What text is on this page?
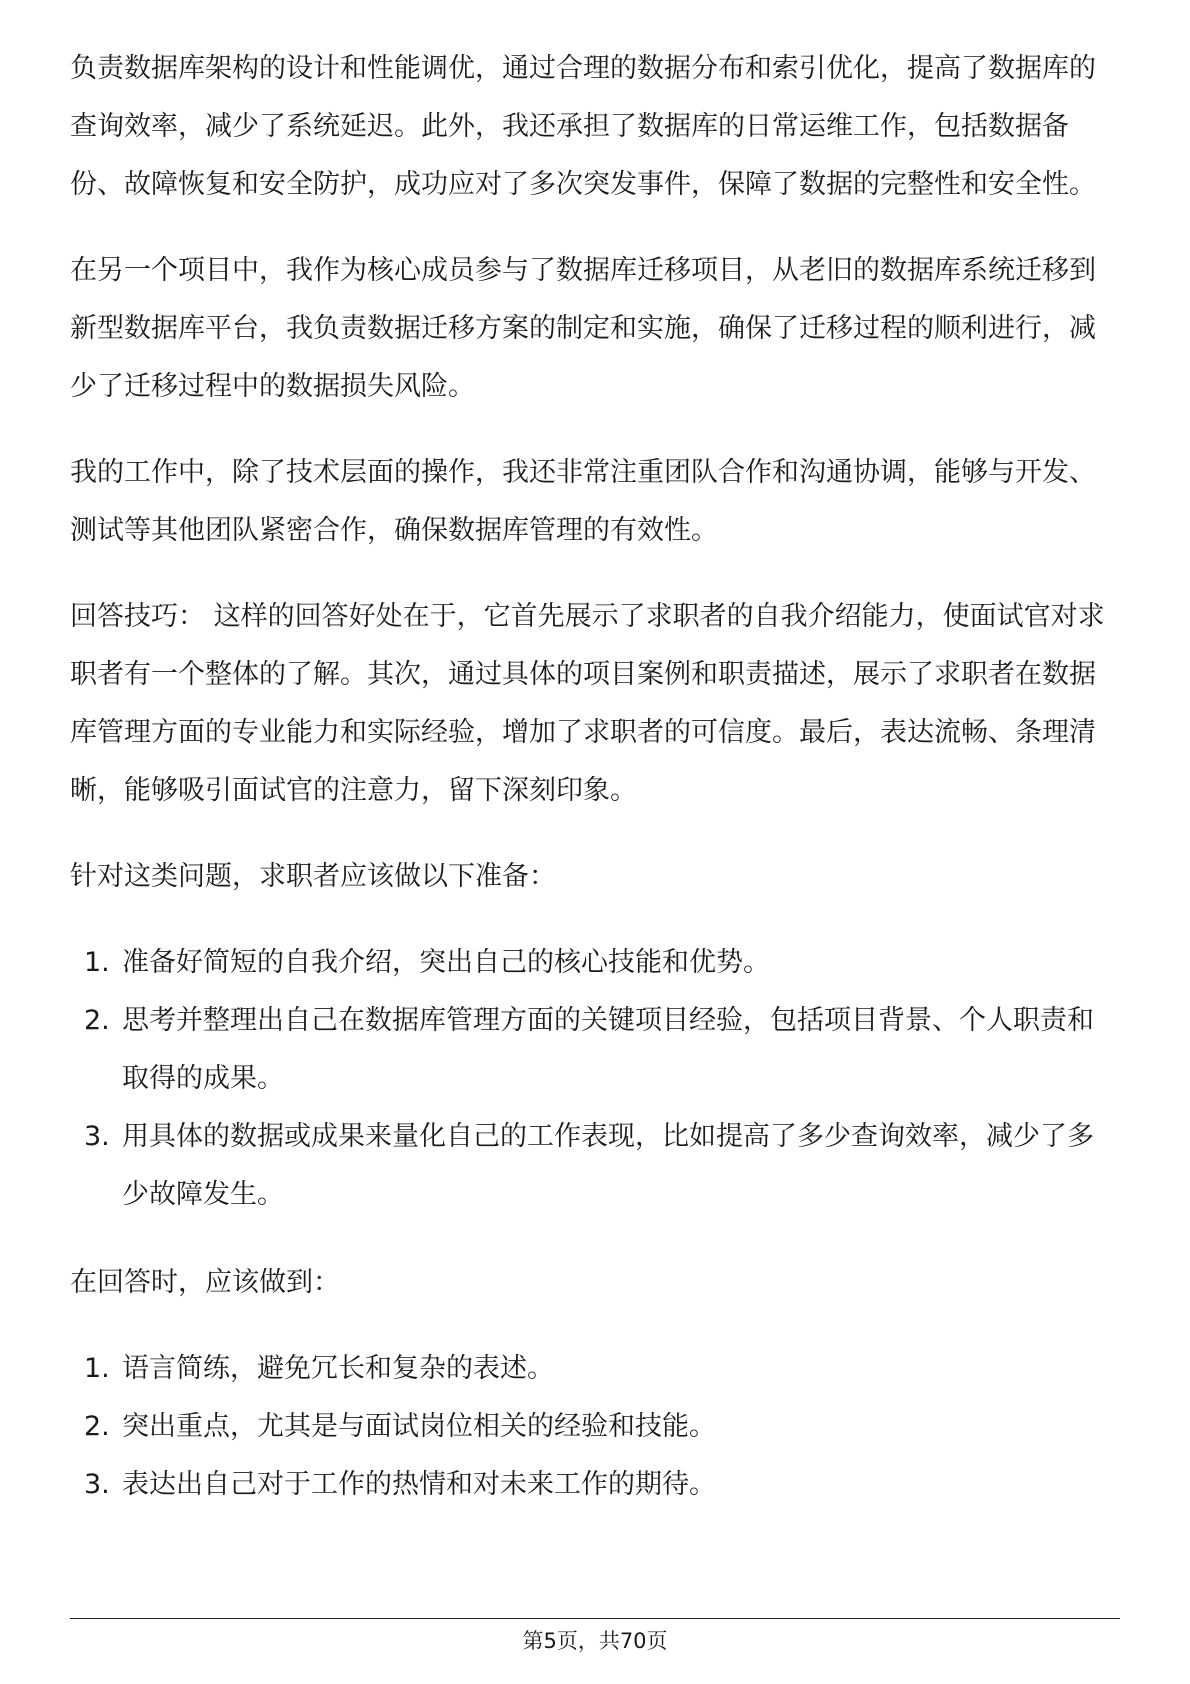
负责数据库架构的设计和性能调优，通过合理的数据分布和索引优化，提高了数据库的查询效率，减少了系统延迟。此外，我还承担了数据库的日常运维工作，包括数据备份、故障恢复和安全防护，成功应对了多次突发事件，保障了数据的完整性和安全性。

在另一个项目中，我作为核心成员参与了数据库迁移项目，从老旧的数据库系统迁移到新型数据库平台，我负责数据迁移方案的制定和实施，确保了迁移过程的顺利进行，减少了迁移过程中的数据损失风险。

我的工作中，除了技术层面的操作，我还非常注重团队合作和沟通协调，能够与开发、测试等其他团队紧密合作，确保数据库管理的有效性。

回答技巧： 这样的回答好处在于，它首先展示了求职者的自我介绍能力，使面试官对求职者有一个整体的了解。其次，通过具体的项目案例和职责描述，展示了求职者在数据库管理方面的专业能力和实际经验，增加了求职者的可信度。最后，表达流畅、条理清晰，能够吸引面试官的注意力，留下深刻印象。

针对这类问题，求职者应该做以下准备：

1. 准备好简短的自我介绍，突出自己的核心技能和优势。
2. 思考并整理出自己在数据库管理方面的关键项目经验，包括项目背景、个人职责和取得的成果。
3. 用具体的数据或成果来量化自己的工作表现，比如提高了多少查询效率，减少了多少故障发生。

在回答时，应该做到：

1. 语言简练，避免冗长和复杂的表述。
2. 突出重点，尤其是与面试岗位相关的经验和技能。
3. 表达出自己对于工作的热情和对未来工作的期待。
第5页，共70页
